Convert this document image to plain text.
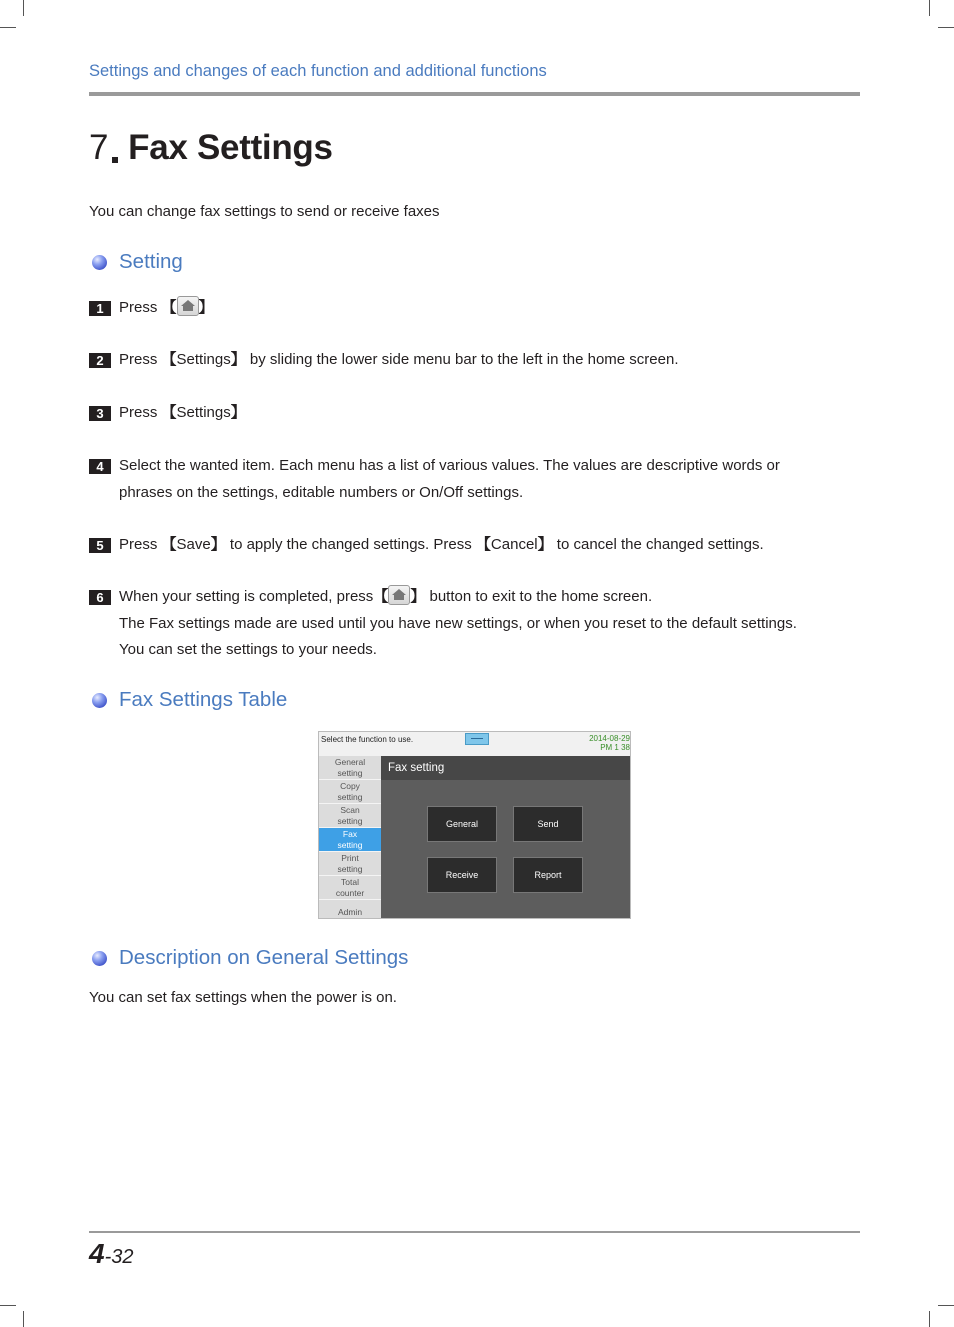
Settings and changes of each function and additional functions
7 Fax Settings
You can change fax settings to send or receive faxes
Setting
1	Press 【 】
2	Press 【Settings】 by sliding the lower side menu bar to the left in the home screen.
3	Press 【Settings】
4	Select the wanted item. Each menu has a list of various values. The values are descriptive words or
phrases on the settings, editable numbers or On/Off settings.
5	Press 【Save】 to apply the changed settings. Press 【Cancel】 to cancel the changed settings.
6	When your setting is completed, press【 】 button to exit to the home screen.
The Fax settings made are used until you have new settings, or when you reset to the default settings.
You can set the settings to your needs.
Fax Settings Table
Select the function to use.	2014-08-29
PM 1 38
General
setting
Copy
setting
Scan
setting
Fax
setting
Print
setting
Total
counter
Admin
Fax setting
General	Send
Receive	Report
Description on General Settings
You can set fax settings when the power is on.
4-32
